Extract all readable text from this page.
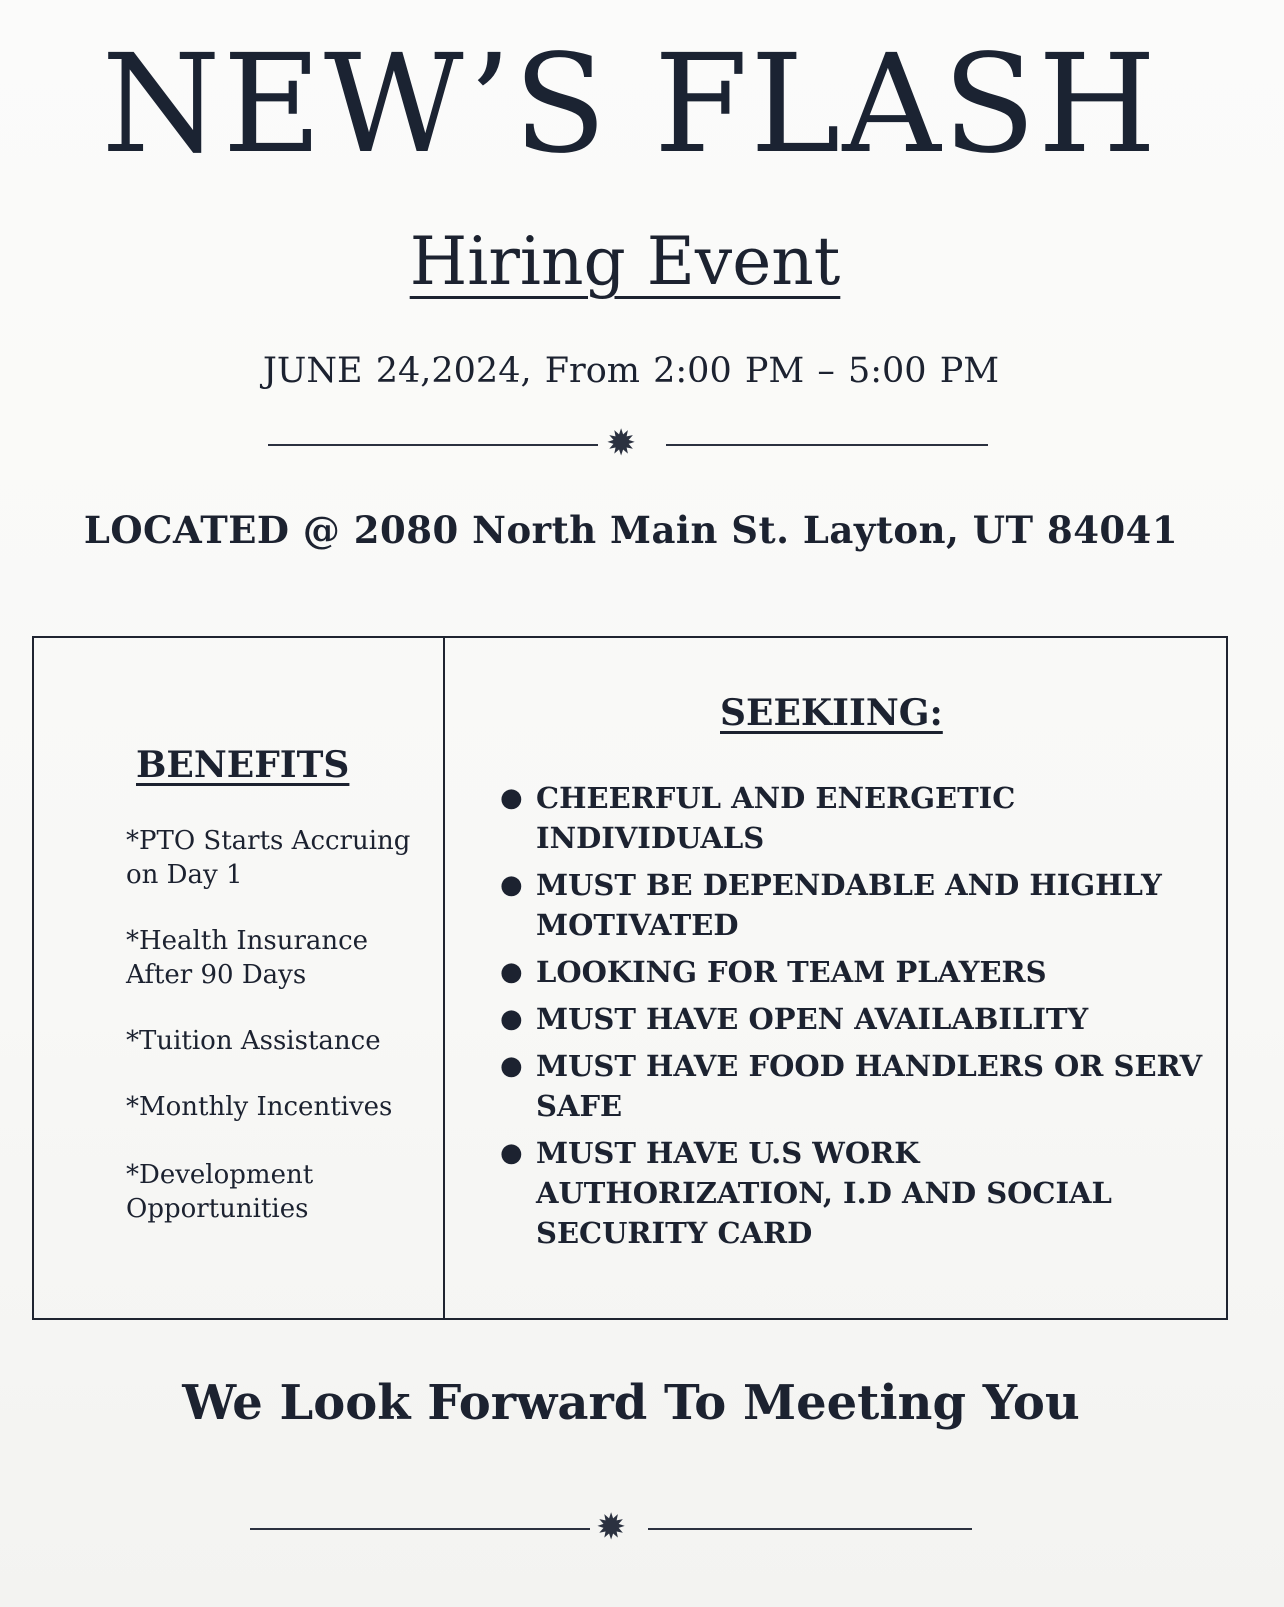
NEW’S FLASH
Hiring Event
JUNE 24,2024, From 2:00 PM – 5:00 PM
✹
LOCATED @ 2080 North Main St. Layton, UT 84041
BENEFITS
*PTO Starts Accruing on Day 1
*Health Insurance After 90 Days
*Tuition Assistance
*Monthly Incentives
*Development Opportunities
SEEKIING:
● CHEERFUL AND ENERGETIC INDIVIDUALS
● MUST BE DEPENDABLE AND HIGHLY MOTIVATED
● LOOKING FOR TEAM PLAYERS
● MUST HAVE OPEN AVAILABILITY
● MUST HAVE FOOD HANDLERS OR SERV SAFE
● MUST HAVE U.S WORK AUTHORIZATION, I.D AND SOCIAL SECURITY CARD
We Look Forward To Meeting You
✹
